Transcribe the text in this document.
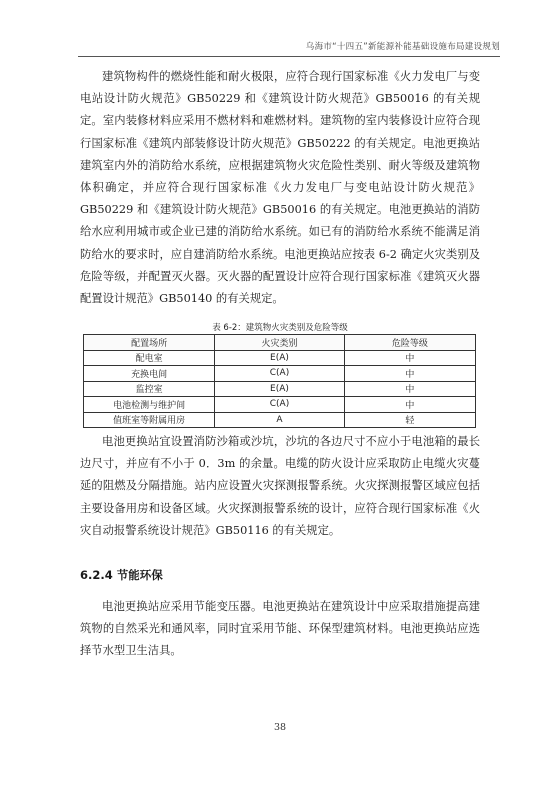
乌海市“十四五”新能源补能基础设施布局建设规划

建筑物构件的燃烧性能和耐火极限，应符合现行国家标准《火力发电厂与变电站设计防火规范》GB50229 和《建筑设计防火规范》GB50016 的有关规定。室内装修材料应采用不燃材料和难燃材料。建筑物的室内装修设计应符合现行国家标准《建筑内部装修设计防火规范》GB50222 的有关规定。电池更换站建筑室内外的消防给水系统，应根据建筑物火灾危险性类别、耐火等级及建筑物体积确定，并应符合现行国家标准《火力发电厂与变电站设计防火规范》GB50229 和《建筑设计防火规范》GB50016 的有关规定。电池更换站的消防给水应利用城市或企业已建的消防给水系统。如已有的消防给水系统不能满足消防给水的要求时，应自建消防给水系统。电池更换站应按表 6-2 确定火灾类别及危险等级，并配置灭火器。灭火器的配置设计应符合现行国家标准《建筑灭火器配置设计规范》GB50140 的有关规定。

表 6-2：建筑物火灾类别及危险等级
配置场所	火灾类别	危险等级
配电室	E(A)	中
充换电间	C(A)	中
监控室	E(A)	中
电池检测与维护间	C(A)	中
值班室等附属用房	A	轻

电池更换站宜设置消防沙箱或沙坑，沙坑的各边尺寸不应小于电池箱的最长边尺寸，并应有不小于 0．3m 的余量。电缆的防火设计应采取防止电缆火灾蔓延的阻燃及分隔措施。站内应设置火灾探测报警系统。火灾探测报警区域应包括主要设备用房和设备区域。火灾探测报警系统的设计，应符合现行国家标准《火灾自动报警系统设计规范》GB50116 的有关规定。

6.2.4 节能环保

电池更换站应采用节能变压器。电池更换站在建筑设计中应采取措施提高建筑物的自然采光和通风率，同时宜采用节能、环保型建筑材料。电池更换站应选择节水型卫生洁具。

38
